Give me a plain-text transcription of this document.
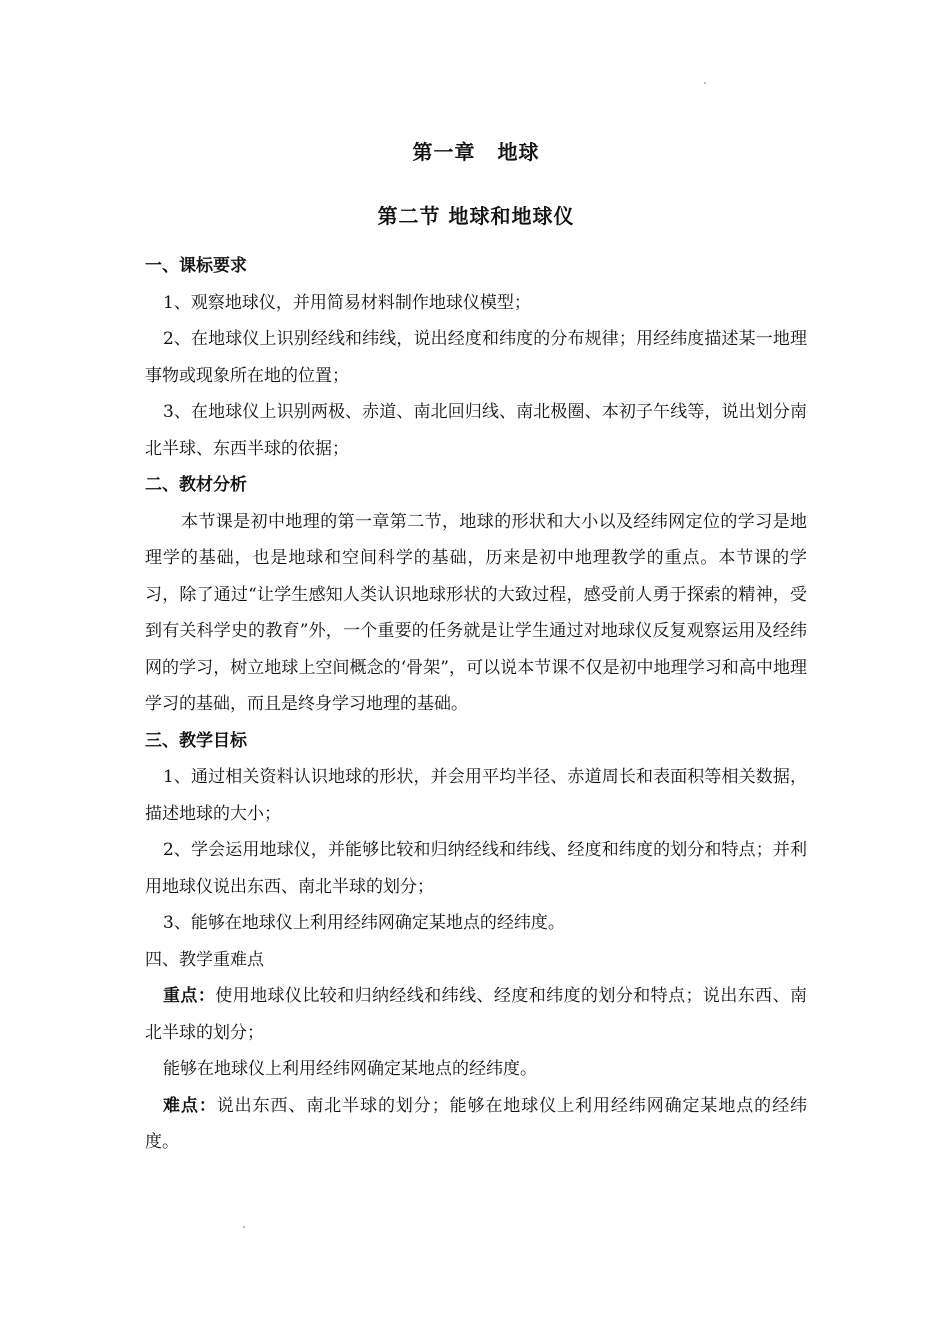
第一章 地球
第二节 地球和地球仪
一、课标要求

1、观察地球仪，并用简易材料制作地球仪模型；

2、在地球仪上识别经线和纬线，说出经度和纬度的分布规律；用经纬度描述某一地理事物或现象所在地的位置；

3、在地球仪上识别两极、赤道、南北回归线、南北极圈、本初子午线等，说出划分南北半球、东西半球的依据；

二、教材分析

本节课是初中地理的第一章第二节，地球的形状和大小以及经纬网定位的学习是地理学的基础，也是地球和空间科学的基础，历来是初中地理教学的重点。本节课的学习，除了通过“让学生感知人类认识地球形状的大致过程，感受前人勇于探索的精神，受到有关科学史的教育”外，一个重要的任务就是让学生通过对地球仪反复观察运用及经纬网的学习，树立地球上空间概念的‘骨架”，可以说本节课不仅是初中地理学习和高中地理学习的基础，而且是终身学习地理的基础。

三、教学目标

1、通过相关资料认识地球的形状，并会用平均半径、赤道周长和表面积等相关数据，描述地球的大小；

2、学会运用地球仪，并能够比较和归纳经线和纬线、经度和纬度的划分和特点；并利用地球仪说出东西、南北半球的划分；

3、能够在地球仪上利用经纬网确定某地点的经纬度。

四、教学重难点

重点：使用地球仪比较和归纳经线和纬线、经度和纬度的划分和特点；说出东西、南北半球的划分；

能够在地球仪上利用经纬网确定某地点的经纬度。

难点：说出东西、南北半球的划分；能够在地球仪上利用经纬网确定某地点的经纬度。
